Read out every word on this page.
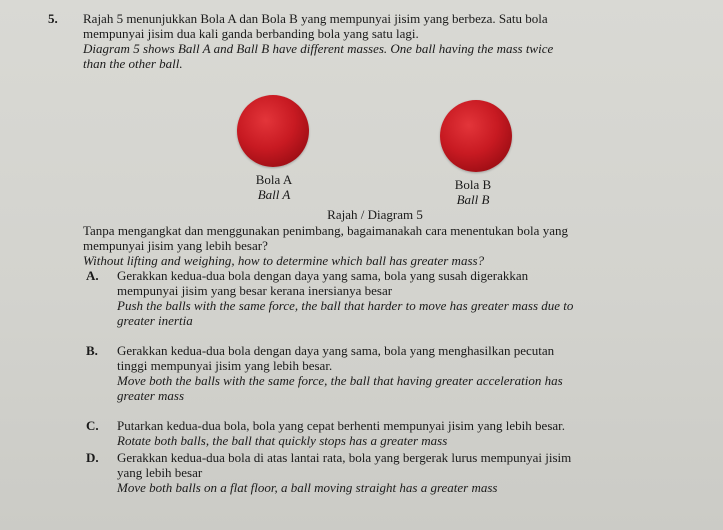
5. Rajah 5 menunjukkan Bola A dan Bola B yang mempunyai jisim yang berbeza. Satu bola
mempunyai jisim dua kali ganda berbanding bola yang satu lagi.
Diagram 5 shows Ball A and Ball B have different masses. One ball having the mass twice
than the other ball.
Bola A
Ball A
Bola B
Ball B
Rajah / Diagram 5
Tanpa mengangkat dan menggunakan penimbang, bagaimanakah cara menentukan bola yang
mempunyai jisim yang lebih besar?
Without lifting and weighing, how to determine which ball has greater mass?
A. Gerakkan kedua-dua bola dengan daya yang sama, bola yang susah digerakkan
mempunyai jisim yang besar kerana inersianya besar
Push the balls with the same force, the ball that harder to move has greater mass due to
greater inertia
B. Gerakkan kedua-dua bola dengan daya yang sama, bola yang menghasilkan pecutan
tinggi mempunyai jisim yang lebih besar.
Move both the balls with the same force, the ball that having greater acceleration has
greater mass
C. Putarkan kedua-dua bola, bola yang cepat berhenti mempunyai jisim yang lebih besar.
Rotate both balls, the ball that quickly stops has a greater mass
D. Gerakkan kedua-dua bola di atas lantai rata, bola yang bergerak lurus mempunyai jisim
yang lebih besar
Move both balls on a flat floor, a ball moving straight has a greater mass
